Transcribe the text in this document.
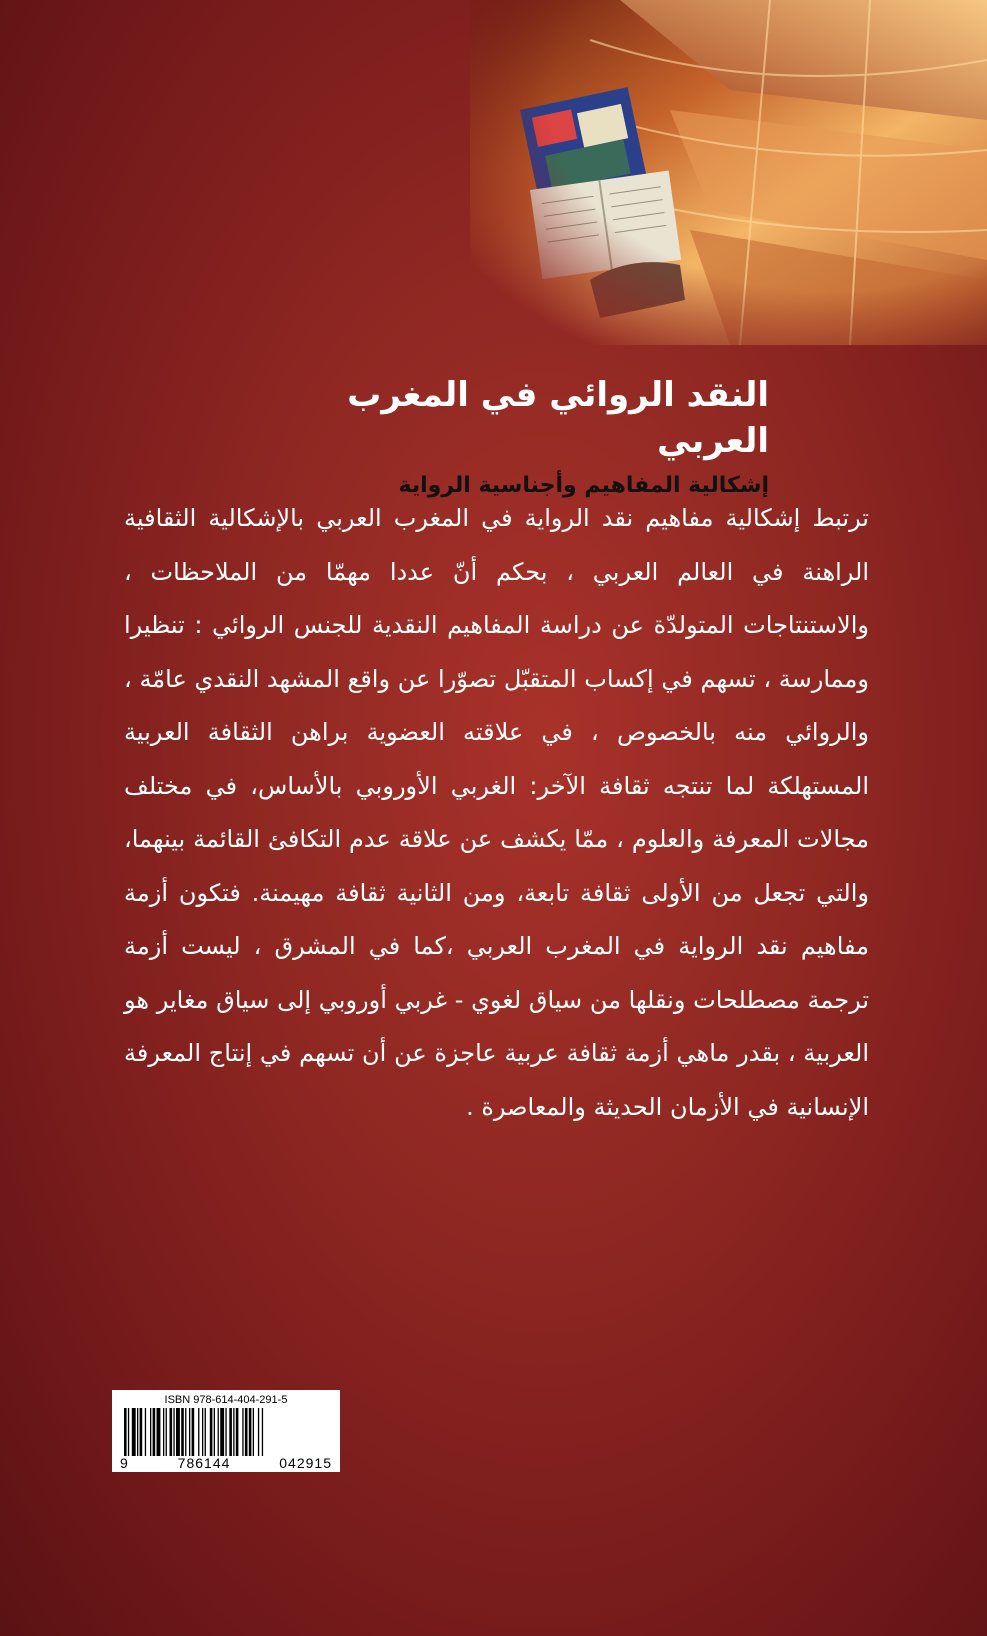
النقد الروائي في المغرب العربي
إشكالية المفاهيم وأجناسية الرواية

ترتبط إشكالية مفاهيم نقد الرواية في المغرب العربي بالإشكالية الثقافية الراهنة في العالم العربي ، بحكم أنّ عددا مهمّا من الملاحظات ، والاستنتاجات المتولدّة عن دراسة المفاهيم النقدية للجنس الروائي : تنظيرا وممارسة ، تسهم في إكساب المتقبّل تصوّرا عن واقع المشهد النقدي عامّة ، والروائي منه بالخصوص ، في علاقته العضوية براهن الثقافة العربية المستهلكة لما تنتجه ثقافة الآخر: الغربي الأوروبي بالأساس، في مختلف مجالات المعرفة والعلوم ، ممّا يكشف عن علاقة عدم التكافئ القائمة بينهما، والتي تجعل من الأولى ثقافة تابعة، ومن الثانية ثقافة مهيمنة. فتكون أزمة مفاهيم نقد الرواية في المغرب العربي ،كما في المشرق ، ليست أزمة ترجمة مصطلحات ونقلها من سياق لغوي - غربي أوروبي إلى سياق مغاير هو العربية ، بقدر ماهي أزمة ثقافة عربية عاجزة عن أن تسهم في إنتاج المعرفة الإنسانية في الأزمان الحديثة والمعاصرة .

ISBN 978-614-404-291-5
9	786144	042915
